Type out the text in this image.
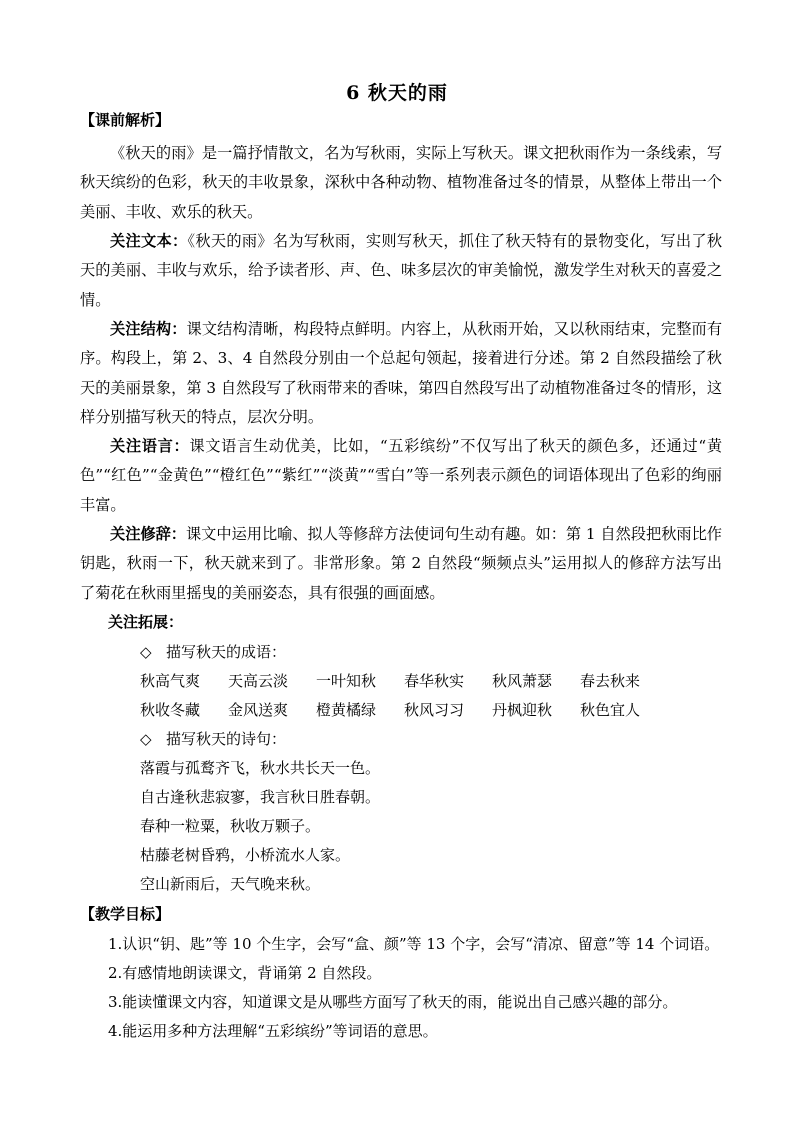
6 秋天的雨
【课前解析】

《秋天的雨》是一篇抒情散文，名为写秋雨，实际上写秋天。课文把秋雨作为一条线索，写秋天缤纷的色彩，秋天的丰收景象，深秋中各种动物、植物准备过冬的情景，从整体上带出一个美丽、丰收、欢乐的秋天。

关注文本：《秋天的雨》名为写秋雨，实则写秋天，抓住了秋天特有的景物变化，写出了秋天的美丽、丰收与欢乐，给予读者形、声、色、味多层次的审美愉悦，激发学生对秋天的喜爱之情。

关注结构：课文结构清晰，构段特点鲜明。内容上，从秋雨开始，又以秋雨结束，完整而有序。构段上，第 2、3、4 自然段分别由一个总起句领起，接着进行分述。第 2 自然段描绘了秋天的美丽景象，第 3 自然段写了秋雨带来的香味，第四自然段写出了动植物准备过冬的情形，这样分别描写秋天的特点，层次分明。

关注语言：课文语言生动优美，比如，“五彩缤纷”不仅写出了秋天的颜色多，还通过“黄色”“红色”“金黄色”“橙红色”“紫红”“淡黄”“雪白”等一系列表示颜色的词语体现出了色彩的绚丽丰富。

关注修辞：课文中运用比喻、拟人等修辞方法使词句生动有趣。如：第 1 自然段把秋雨比作钥匙，秋雨一下，秋天就来到了。非常形象。第 2 自然段“频频点头”运用拟人的修辞方法写出了菊花在秋雨里摇曳的美丽姿态，具有很强的画面感。

关注拓展：
◇ 描写秋天的成语：
秋高气爽	天高云淡	一叶知秋	春华秋实	秋风萧瑟	春去秋来
秋收冬藏	金风送爽	橙黄橘绿	秋风习习	丹枫迎秋	秋色宜人
◇ 描写秋天的诗句：
落霞与孤鹜齐飞，秋水共长天一色。
自古逢秋悲寂寥，我言秋日胜春朝。
春种一粒粟，秋收万颗子。
枯藤老树昏鸦，小桥流水人家。
空山新雨后，天气晚来秋。
【教学目标】
1.认识“钥、匙”等 10 个生字，会写“盒、颜”等 13 个字，会写“清凉、留意”等 14 个词语。
2.有感情地朗读课文，背诵第 2 自然段。
3.能读懂课文内容，知道课文是从哪些方面写了秋天的雨，能说出自己感兴趣的部分。
4.能运用多种方法理解“五彩缤纷”等词语的意思。
